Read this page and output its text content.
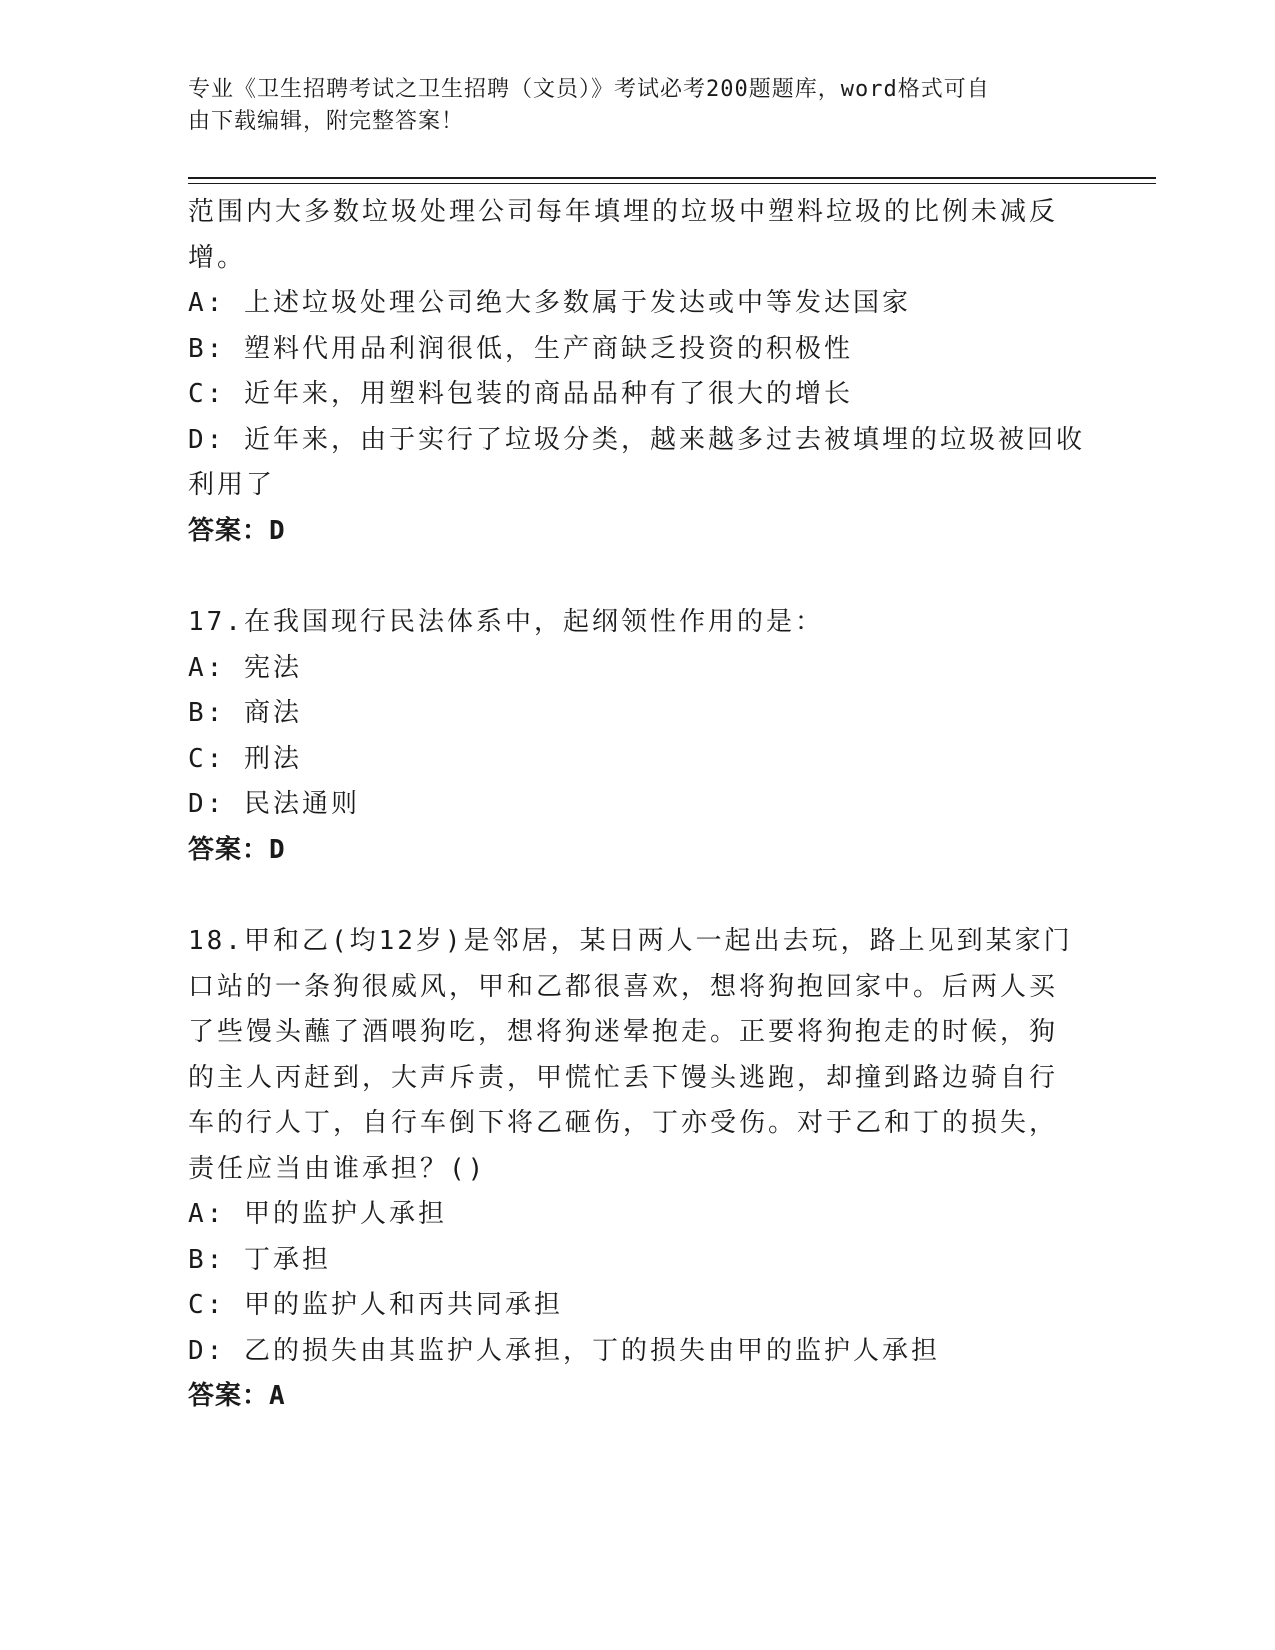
专业《卫生招聘考试之卫生招聘（文员）》考试必考200题题库，word格式可自
由下载编辑，附完整答案！
范围内大多数垃圾处理公司每年填埋的垃圾中塑料垃圾的比例未减反
增。
A: 上述垃圾处理公司绝大多数属于发达或中等发达国家
B: 塑料代用品利润很低，生产商缺乏投资的积极性
C: 近年来，用塑料包装的商品品种有了很大的增长
D: 近年来，由于实行了垃圾分类，越来越多过去被填埋的垃圾被回收
利用了
答案：D
17.在我国现行民法体系中，起纲领性作用的是：
A: 宪法
B: 商法
C: 刑法
D: 民法通则
答案：D
18.甲和乙(均12岁)是邻居，某日两人一起出去玩，路上见到某家门
口站的一条狗很威风，甲和乙都很喜欢，想将狗抱回家中。后两人买
了些馒头蘸了酒喂狗吃，想将狗迷晕抱走。正要将狗抱走的时候，狗
的主人丙赶到，大声斥责，甲慌忙丢下馒头逃跑，却撞到路边骑自行
车的行人丁，自行车倒下将乙砸伤，丁亦受伤。对于乙和丁的损失，
责任应当由谁承担？()
A: 甲的监护人承担
B: 丁承担
C: 甲的监护人和丙共同承担
D: 乙的损失由其监护人承担，丁的损失由甲的监护人承担
答案：A
